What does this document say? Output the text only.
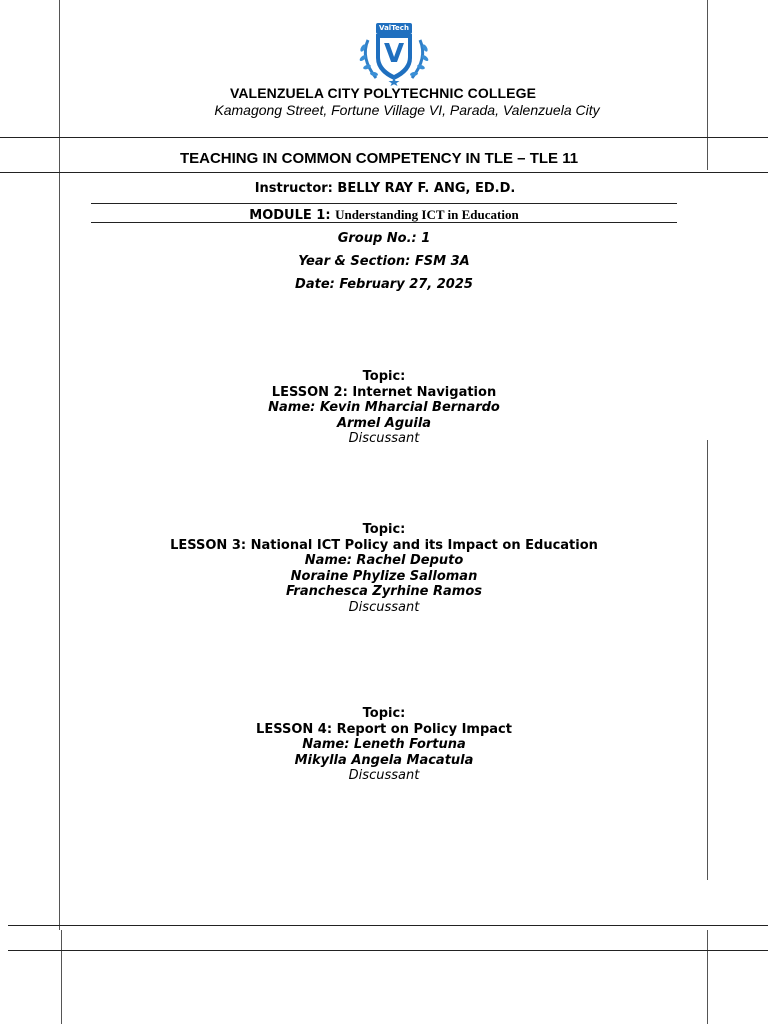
ValTech
V
VALENZUELA CITY POLYTECHNIC COLLEGE
Kamagong Street, Fortune Village VI, Parada, Valenzuela City
TEACHING IN COMMON COMPETENCY IN TLE – TLE 11
Instructor: BELLY RAY F. ANG, ED.D.
MODULE 1: Understanding ICT in Education
Group No.: 1
Year & Section: FSM 3A
Date: February 27, 2025
Topic:
LESSON 2: Internet Navigation
Name: Kevin Mharcial Bernardo
Armel Aguila
Discussant
Topic:
LESSON 3: National ICT Policy and its Impact on Education
Name: Rachel Deputo
Noraine Phylize Salloman
Franchesca Zyrhine Ramos
Discussant
Topic:
LESSON 4: Report on Policy Impact
Name: Leneth Fortuna
Mikylla Angela Macatula
Discussant
